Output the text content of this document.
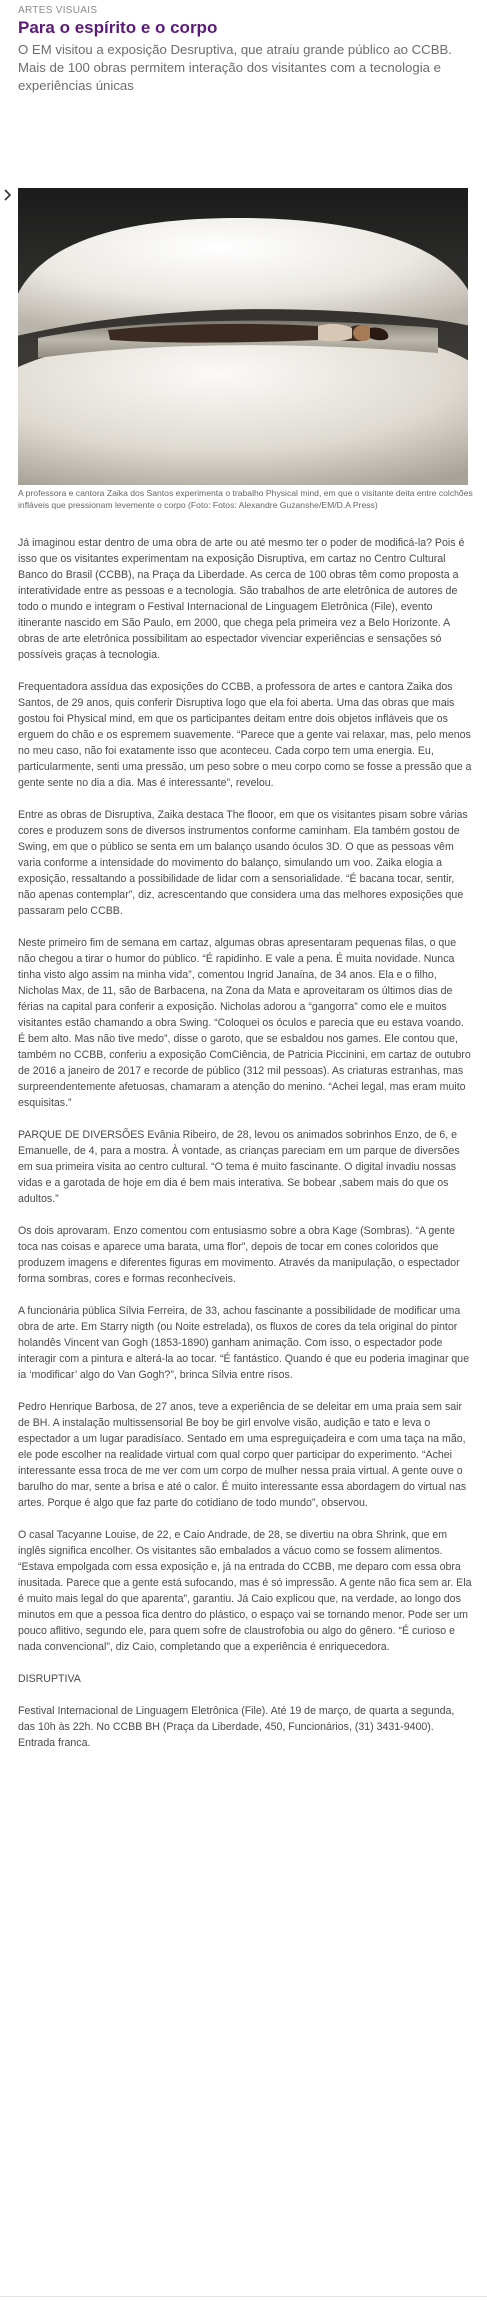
ARTES VISUAIS
Para o espírito e o corpo
O EM visitou a exposição Desruptiva, que atraiu grande público ao CCBB. Mais de 100 obras permitem interação dos visitantes com a tecnologia e experiências únicas
A professora e cantora Zaika dos Santos experimenta o trabalho Physical mind, em que o visitante deita entre colchões infláveis que pressionam levemente o corpo (Foto: Fotos: Alexandre Guzanshe/EM/D.A Press)

Já imaginou estar dentro de uma obra de arte ou até mesmo ter o poder de modificá-la? Pois é isso que os visitantes experimentam na exposição Disruptiva, em cartaz no Centro Cultural Banco do Brasil (CCBB), na Praça da Liberdade. As cerca de 100 obras têm como proposta a interatividade entre as pessoas e a tecnologia. São trabalhos de arte eletrônica de autores de todo o mundo e integram o Festival Internacional de Linguagem Eletrônica (File), evento itinerante nascido em São Paulo, em 2000, que chega pela primeira vez a Belo Horizonte. A obras de arte eletrônica possibilitam ao espectador vivenciar experiências e sensações só possíveis graças à tecnologia.

Frequentadora assídua das exposições do CCBB, a professora de artes e cantora Zaika dos Santos, de 29 anos, quis conferir Disruptiva logo que ela foi aberta. Uma das obras que mais gostou foi Physical mind, em que os participantes deitam entre dois objetos infláveis que os erguem do chão e os espremem suavemente. “Parece que a gente vai relaxar, mas, pelo menos no meu caso, não foi exatamente isso que aconteceu. Cada corpo tem uma energia. Eu, particularmente, senti uma pressão, um peso sobre o meu corpo como se fosse a pressão que a gente sente no dia a dia. Mas é interessante”, revelou.

Entre as obras de Disruptiva, Zaika destaca The flooor, em que os visitantes pisam sobre várias cores e produzem sons de diversos instrumentos conforme caminham. Ela também gostou de Swing, em que o público se senta em um balanço usando óculos 3D. O que as pessoas vêm varia conforme a intensidade do movimento do balanço, simulando um voo. Zaika elogia a exposição, ressaltando a possibilidade de lidar com a sensorialidade. “É bacana tocar, sentir, não apenas contemplar”, diz, acrescentando que considera uma das melhores exposições que passaram pelo CCBB.

Neste primeiro fim de semana em cartaz, algumas obras apresentaram pequenas filas, o que não chegou a tirar o humor do público. “É rapidinho. E vale a pena. É muita novidade. Nunca tinha visto algo assim na minha vida”, comentou Ingrid Janaína, de 34 anos. Ela e o filho, Nicholas Max, de 11, são de Barbacena, na Zona da Mata e aproveitaram os últimos dias de férias na capital para conferir a exposição. Nicholas adorou a “gangorra” como ele e muitos visitantes estão chamando a obra Swing. “Coloquei os óculos e parecia que eu estava voando. É bem alto. Mas não tive medo”, disse o garoto, que se esbaldou nos games. Ele contou que, também no CCBB, conferiu a exposição ComCiência, de Patricia Piccinini, em cartaz de outubro de 2016 a janeiro de 2017 e recorde de público (312 mil pessoas). As criaturas estranhas, mas surpreendentemente afetuosas, chamaram a atenção do menino. “Achei legal, mas eram muito esquisitas.”

PARQUE DE DIVERSÕES Evânia Ribeiro, de 28, levou os animados sobrinhos Enzo, de 6, e Emanuelle, de 4, para a mostra. À vontade, as crianças pareciam em um parque de diversões em sua primeira visita ao centro cultural. “O tema é muito fascinante. O digital invadiu nossas vidas e a garotada de hoje em dia é bem mais interativa. Se bobear ,sabem mais do que os adultos.”

Os dois aprovaram. Enzo comentou com entusiasmo sobre a obra Kage (Sombras). “A gente toca nas coisas e aparece uma barata, uma flor”, depois de tocar em cones coloridos que produzem imagens e diferentes figuras em movimento. Através da manipulação, o espectador forma sombras, cores e formas reconhecíveis.

A funcionária pública Sílvia Ferreira, de 33, achou fascinante a possibilidade de modificar uma obra de arte. Em Starry nigth (ou Noite estrelada), os fluxos de cores da tela original do pintor holandês Vincent van Gogh (1853-1890) ganham animação. Com isso, o espectador pode interagir com a pintura e alterá-la ao tocar. “É fantástico. Quando é que eu poderia imaginar que ia ‘modificar’ algo do Van Gogh?”, brinca Sílvia entre risos.

Pedro Henrique Barbosa, de 27 anos, teve a experiência de se deleitar em uma praia sem sair de BH. A instalação multissensorial Be boy be girl envolve visão, audição e tato e leva o espectador a um lugar paradisíaco. Sentado em uma espreguiçadeira e com uma taça na mão, ele pode escolher na realidade virtual com qual corpo quer participar do experimento. “Achei interessante essa troca de me ver com um corpo de mulher nessa praia virtual. A gente ouve o barulho do mar, sente a brisa e até o calor. É muito interessante essa abordagem do virtual nas artes. Porque é algo que faz parte do cotidiano de todo mundo”, observou.

O casal Tacyanne Louise, de 22, e Caio Andrade, de 28, se divertiu na obra Shrink, que em inglês significa encolher. Os visitantes são embalados a vácuo como se fossem alimentos. “Estava empolgada com essa exposição e, já na entrada do CCBB, me deparo com essa obra inusitada. Parece que a gente está sufocando, mas é só impressão. A gente não fica sem ar. Ela é muito mais legal do que aparenta”, garantiu. Já Caio explicou que, na verdade, ao longo dos minutos em que a pessoa fica dentro do plástico, o espaço vai se tornando menor. Pode ser um pouco aflitivo, segundo ele, para quem sofre de claustrofobia ou algo do gênero. “É curioso e nada convencional”, diz Caio, completando que a experiência é enriquecedora.

DISRUPTIVA

Festival Internacional de Linguagem Eletrônica (File). Até 19 de março, de quarta a segunda, das 10h às 22h. No CCBB BH (Praça da Liberdade, 450, Funcionários, (31) 3431-9400). Entrada franca.
